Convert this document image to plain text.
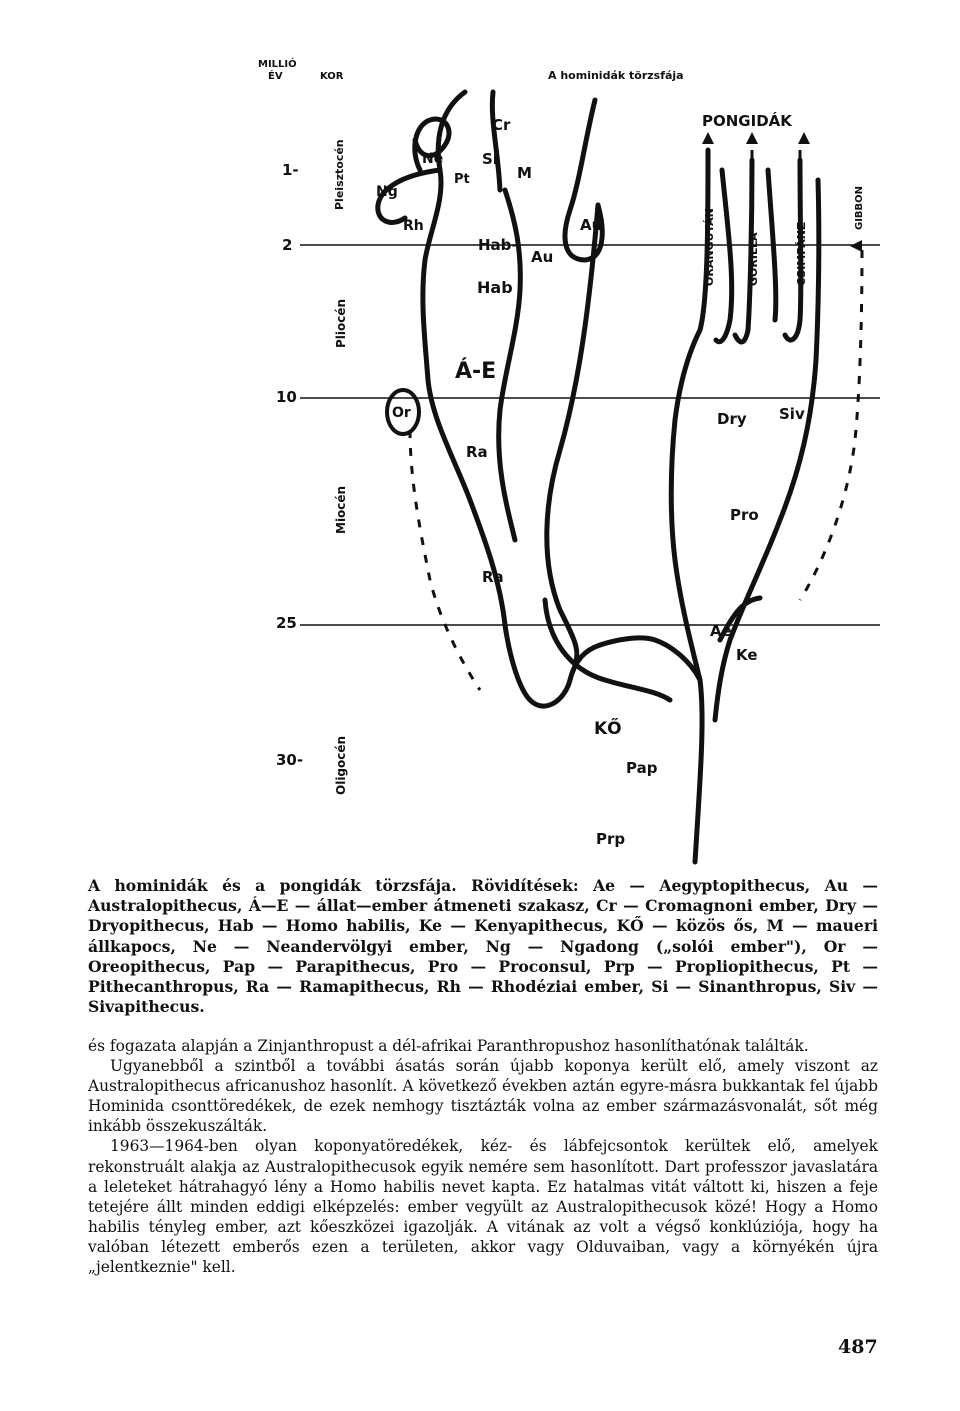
MILLIÓ
ÉV	KOR	A hominidák törzsfája
PONGIDÁK
1-
2
10
25
30-
Pleisztocén
Pliocén
Miocén
Oligocén
ORANGUTÁN	GORILLA	CSIMPÁNZ
GIBBON
Cr
Ne	Si
Pt	M
Ng
Rh	Au
Hab-
Au
Hab
Á-E
Or
Ra
Ra
Dry Siv
Pro
Ae
Ke
KŐ
Pap
Prp
A hominidák és a pongidák törzsfája. Rövidítések: Ae — Aegyptopithecus, Au — Australopithecus, Á—E — állat—ember átmeneti szakasz, Cr — Cromagnoni ember, Dry — Dryopithecus, Hab — Homo habilis, Ke — Kenyapithecus, KŐ — közös ős, M — maueri állkapocs, Ne — Neandervölgyi ember, Ng — Ngadong („solói ember"), Or — Oreopithecus, Pap — Parapithecus, Pro — Proconsul, Prp — Propliopithecus, Pt — Pithecanthropus, Ra — Ramapithecus, Rh — Rhodéziai ember, Si — Sinanthropus, Siv — Sivapithecus.

és fogazata alapján a Zinjanthropust a dél-afrikai Paranthropushoz hasonlíthatónak találták.

Ugyanebből a szintből a további ásatás során újabb koponya került elő, amely viszont az Australopithecus africanushoz hasonlít. A következő években aztán egyre-másra bukkantak fel újabb Hominida csonttöredékek, de ezek nemhogy tisztázták volna az ember származásvonalát, sőt még inkább összekuszálták.

1963—1964-ben olyan koponyatöredékek, kéz- és lábfejcsontok kerültek elő, amelyek rekonstruált alakja az Australopithecusok egyik nemére sem hasonlított. Dart professzor javaslatára a leleteket hátrahagyó lény a Homo habilis nevet kapta. Ez hatalmas vitát váltott ki, hiszen a feje tetejére állt minden eddigi elképzelés: ember vegyült az Australopithecusok közé! Hogy a Homo habilis tényleg ember, azt kőeszközei igazolják. A vitának az volt a végső konklúziója, hogy ha valóban létezett emberős ezen a területen, akkor vagy Olduvaiban, vagy a környékén újra „jelentkeznie" kell.

487
